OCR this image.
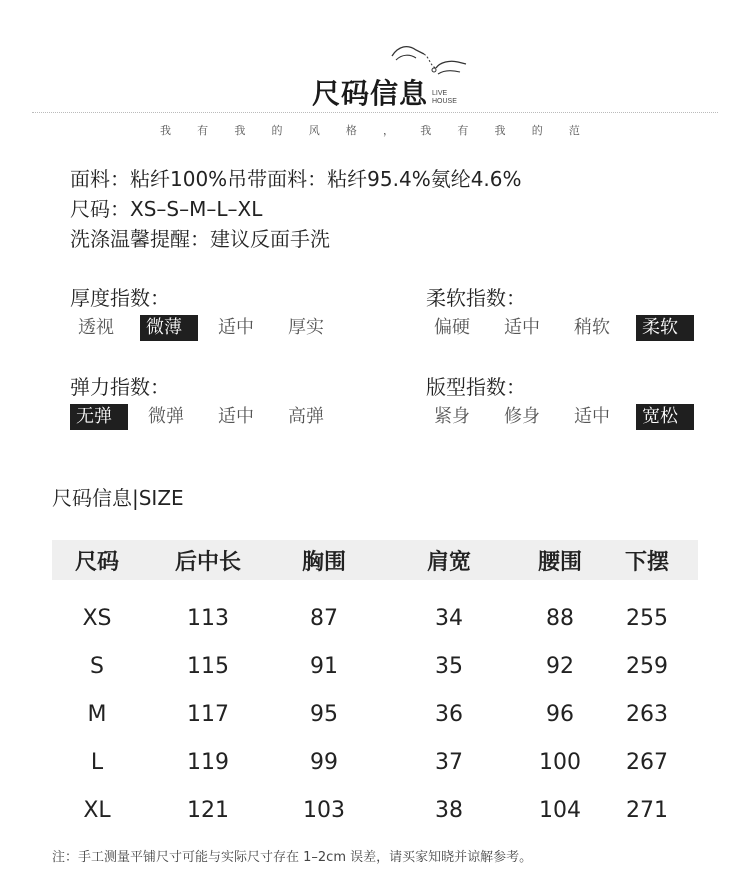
尺码信息 LIVE
HOUSE
我 有 我 的 风 格 ， 我 有 我 的 范
面料：粘纤100%吊带面料：粘纤95.4%氨纶4.6%
尺码：XS–S–M–L–XL
洗涤温馨提醒：建议反面手洗
厚度指数：
透视	微薄	适中	厚实
柔软指数：
偏硬	适中	稍软	柔软
弹力指数：
无弹	微弹	适中	高弹
版型指数：
紧身	修身	适中	宽松
尺码信息|SIZE
尺码	后中长	胸围	肩宽	腰围	下摆
XS	113	87	34	88	255
S	115	91	35	92	259
M	117	95	36	96	263
L	119	99	37	100	267
XL	121	103	38	104	271
注：手工测量平铺尺寸可能与实际尺寸存在 1–2cm 误差，请买家知晓并谅解参考。
